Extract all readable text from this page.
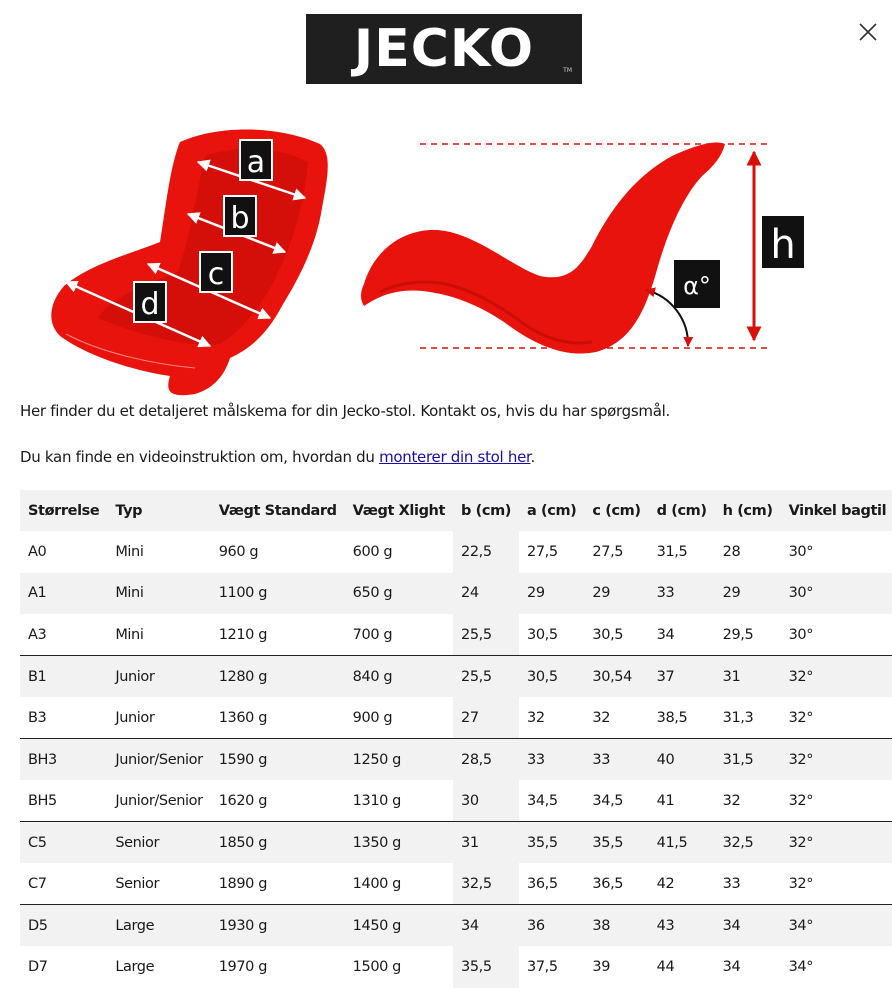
JECKO	TM
a
b
c
d
h
α°

Her finder du et detaljeret målskema for din Jecko-stol. Kontakt os, hvis du har spørgsmål.

Du kan finde en videoinstruktion om, hvordan du monterer din stol her.

Størrelse	Typ	Vægt Standard	Vægt Xlight	b (cm)	a (cm)	c (cm)	d (cm)	h (cm)	Vinkel bagtil
A0	Mini	960 g	600 g	22,5	27,5	27,5	31,5	28	30°
A1	Mini	1100 g	650 g	24	29	29	33	29	30°
A3	Mini	1210 g	700 g	25,5	30,5	30,5	34	29,5	30°
B1	Junior	1280 g	840 g	25,5	30,5	30,54	37	31	32°
B3	Junior	1360 g	900 g	27	32	32	38,5	31,3	32°
BH3	Junior/Senior	1590 g	1250 g	28,5	33	33	40	31,5	32°
BH5	Junior/Senior	1620 g	1310 g	30	34,5	34,5	41	32	32°
C5	Senior	1850 g	1350 g	31	35,5	35,5	41,5	32,5	32°
C7	Senior	1890 g	1400 g	32,5	36,5	36,5	42	33	32°
D5	Large	1930 g	1450 g	34	36	38	43	34	34°
D7	Large	1970 g	1500 g	35,5	37,5	39	44	34	34°
